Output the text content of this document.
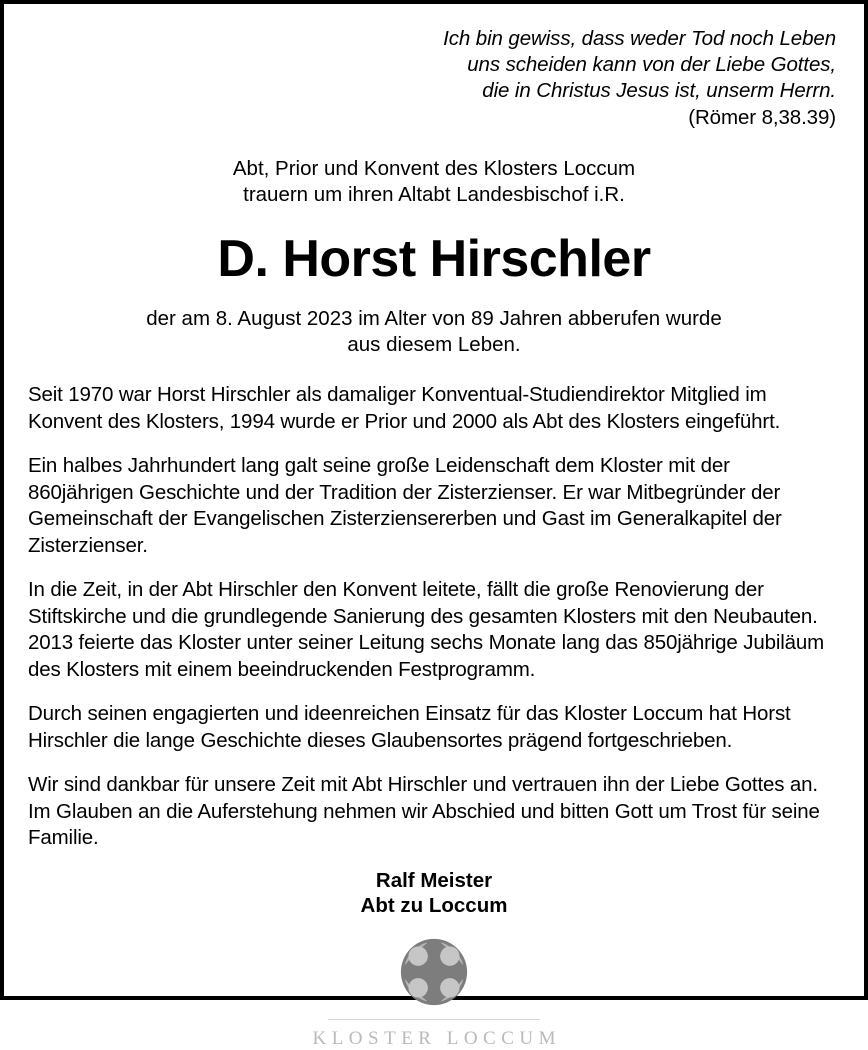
Ich bin gewiss, dass weder Tod noch Leben
uns scheiden kann von der Liebe Gottes,
die in Christus Jesus ist, unserm Herrn.
(Römer 8,38.39)
Abt, Prior und Konvent des Klosters Loccum
trauern um ihren Altabt Landesbischof i.R.
D. Horst Hirschler
der am 8. August 2023 im Alter von 89 Jahren abberufen wurde
aus diesem Leben.

Seit 1970 war Horst Hirschler als damaliger Konventual-Studiendirektor Mitglied im Konvent des Klosters, 1994 wurde er Prior und 2000 als Abt des Klosters eingeführt.

Ein halbes Jahrhundert lang galt seine große Leidenschaft dem Kloster mit der 860jährigen Geschichte und der Tradition der Zisterzienser. Er war Mitbegründer der Gemeinschaft der Evangelischen Zisterziensererben und Gast im Generalkapitel der Zisterzienser.

In die Zeit, in der Abt Hirschler den Konvent leitete, fällt die große Renovierung der Stiftskirche und die grundlegende Sanierung des gesamten Klosters mit den Neubauten. 2013 feierte das Kloster unter seiner Leitung sechs Monate lang das 850jährige Jubiläum des Klosters mit einem beeindruckenden Festprogramm.

Durch seinen engagierten und ideenreichen Einsatz für das Kloster Loccum hat Horst Hirschler die lange Geschichte dieses Glaubensortes prägend fortgeschrieben.

Wir sind dankbar für unsere Zeit mit Abt Hirschler und vertrauen ihn der Liebe Gottes an. Im Glauben an die Auferstehung nehmen wir Abschied und bitten Gott um Trost für seine Familie.

Ralf Meister
Abt zu Loccum
KLOSTER LOCCUM
